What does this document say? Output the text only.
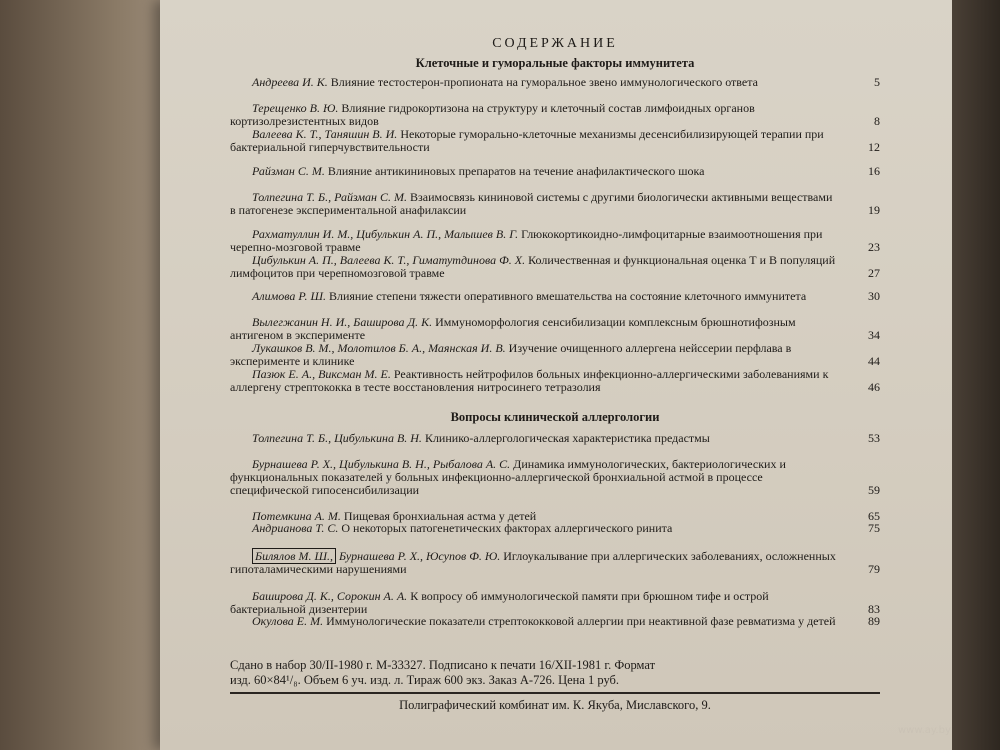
СОДЕРЖАНИЕ
Клеточные и гуморальные факторы иммунитета
Андреева И. К. Влияние тестостерон-пропионата на гуморальное звено иммунологического ответа	5
Терещенко В. Ю. Влияние гидрокортизона на структуру и клеточный состав лимфоидных органов кортизолрезистентных видов	8
Валеева К. Т., Таняшин В. И. Некоторые гуморально-клеточные механизмы десенсибилизирующей терапии при бактериальной гиперчувствительности	12
Райзман С. М. Влияние антикининовых препаратов на течение анафилактического шока	16
Толпегина Т. Б., Райзман С. М. Взаимосвязь кининовой системы с другими биологически активными веществами в патогенезе экспериментальной анафилаксии	19
Рахматуллин И. М., Цибулькин А. П., Малышев В. Г. Глюкокортикоидно-лимфоцитарные взаимоотношения при черепно-мозговой травме	23
Цибулькин А. П., Валеева К. Т., Гиматутдинова Ф. Х. Количественная и функциональная оценка Т и В популяций лимфоцитов при черепномозговой травме	27
Алимова Р. Ш. Влияние степени тяжести оперативного вмешательства на состояние клеточного иммунитета	30
Вылегжанин Н. И., Баширова Д. К. Иммуноморфология сенсибилизации комплексным брюшнотифозным антигеном в эксперименте	34
Лукашков В. М., Молотилов Б. А., Маянская И. В. Изучение очищенного аллергена нейссерии перфлава в эксперименте и клинике	44
Пазюк Е. А., Виксман М. Е. Реактивность нейтрофилов больных инфекционно-аллергическими заболеваниями к аллергену стрептококка в тесте восстановления нитросинего тетразолия	46
Вопросы клинической аллергологии
Толпегина Т. Б., Цибулькина В. Н. Клинико-аллергологическая характеристика предастмы	53
Бурнашева Р. Х., Цибулькина В. Н., Рыбалова А. С. Динамика иммунологических, бактериологических и функциональных показателей у больных инфекционно-аллергической бронхиальной астмой в процессе специфической гипосенсибилизации	59
Потемкина А. М. Пищевая бронхиальная астма у детей	65
Андрианова Т. С. О некоторых патогенетических факторах аллергического ринита	75
Билялов М. Ш., Бурнашева Р. Х., Юсупов Ф. Ю. Иглоукалывание при аллергических заболеваниях, осложненных гипоталамическими нарушениями	79
Баширова Д. К., Сорокин А. А. К вопросу об иммунологической памяти при брюшном тифе и острой бактериальной дизентерии	83
Окулова Е. М. Иммунологические показатели стрептококковой аллергии при неактивной фазе ревматизма у детей	89
Сдано в набор 30/II-1980 г. М-33327. Подписано к печати 16/XII-1981 г. Формат
изд. 60×84¹/₈. Объем 6 уч. изд. л. Тираж 600 экз. Заказ А-726. Цена 1 руб.
Полиграфический комбинат им. К. Якуба, Миславского, 9.
www.ay.by
